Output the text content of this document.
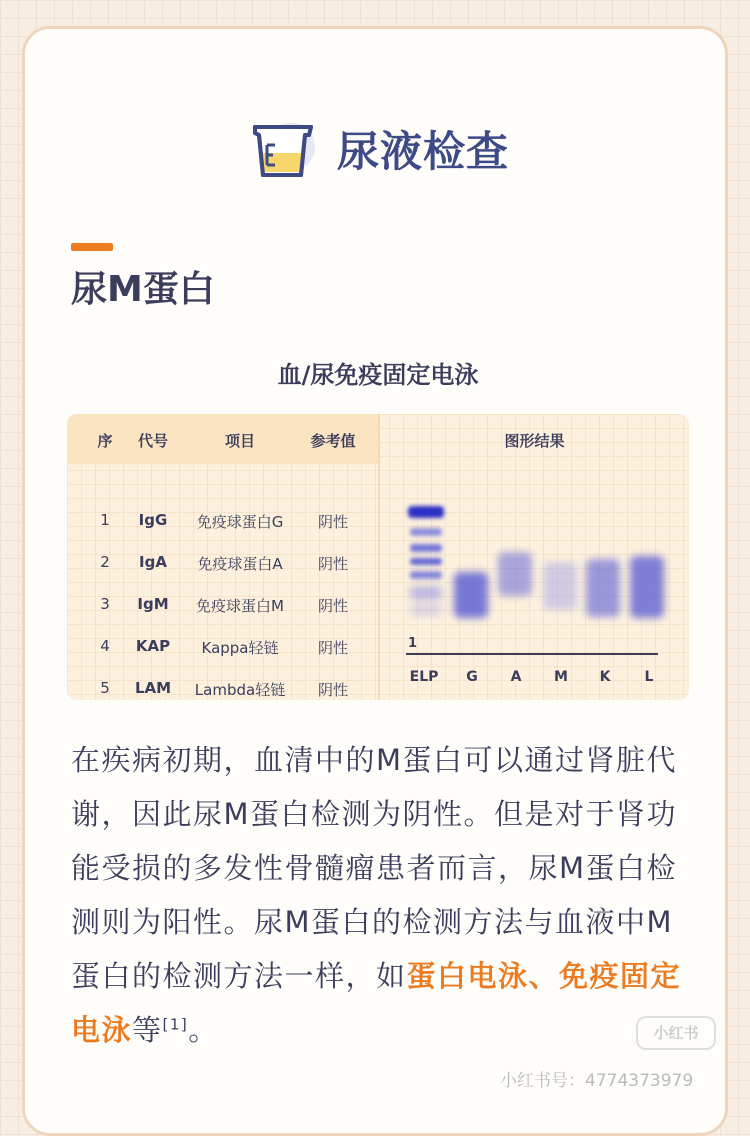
尿液检查
尿M蛋白
血/尿免疫固定电泳
序	代号	项目	参考值
1	IgG	免疫球蛋白G	阴性
2	IgA	免疫球蛋白A	阴性
3	IgM	免疫球蛋白M	阴性
4	KAP	Kappa轻链	阴性
5	LAM	Lambda轻链	阴性
图形结果
1
ELP G A M K L

在疾病初期，血清中的M蛋白可以通过肾脏代谢，因此尿M蛋白检测为阴性。但是对于肾功能受损的多发性骨髓瘤患者而言，尿M蛋白检测则为阳性。尿M蛋白的检测方法与血液中M蛋白的检测方法一样，如蛋白电泳、免疫固定电泳等[1]。	小红书
小红书号：4774373979
